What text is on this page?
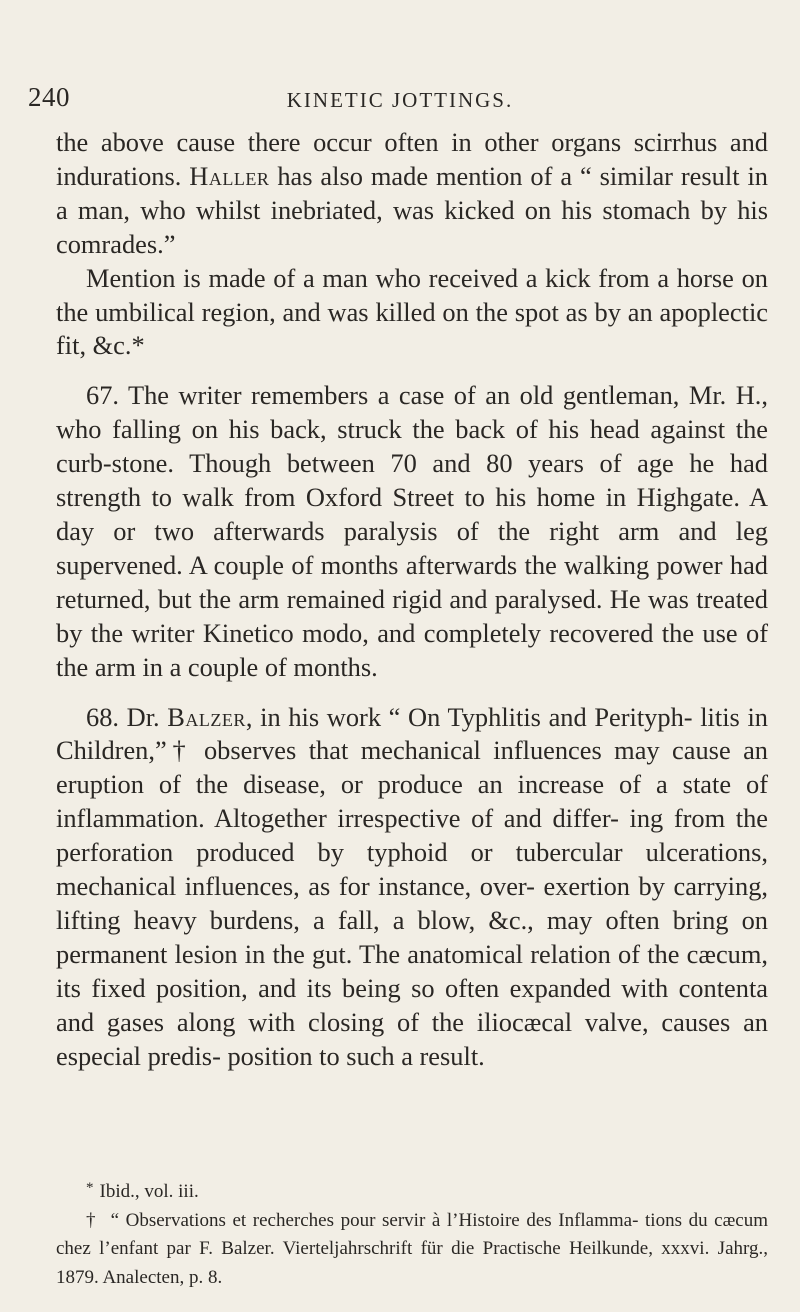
240	KINETIC JOTTINGS.

the above cause there occur often in other organs scirrhus and indurations. Haller has also made mention of a “ similar result in a man, who whilst inebriated, was kicked on his stomach by his comrades.”

Mention is made of a man who received a kick from a horse on the umbilical region, and was killed on the spot as by an apoplectic fit, &c.*

67. The writer remembers a case of an old gentleman, Mr. H., who falling on his back, struck the back of his head against the curb-stone. Though between 70 and 80 years of age he had strength to walk from Oxford Street to his home in Highgate. A day or two afterwards paralysis of the right arm and leg supervened. A couple of months afterwards the walking power had returned, but the arm remained rigid and paralysed. He was treated by the writer Kinetico modo, and completely recovered the use of the arm in a couple of months.

68. Dr. Balzer, in his work “ On Typhlitis and Perityph- litis in Children,”† observes that mechanical influences may cause an eruption of the disease, or produce an increase of a state of inflammation. Altogether irrespective of and differ- ing from the perforation produced by typhoid or tubercular ulcerations, mechanical influences, as for instance, over- exertion by carrying, lifting heavy burdens, a fall, a blow, &c., may often bring on permanent lesion in the gut. The anatomical relation of the cæcum, its fixed position, and its being so often expanded with contenta and gases along with closing of the iliocæcal valve, causes an especial predis- position to such a result.

* Ibid., vol. iii.

† “ Observations et recherches pour servir à l’Histoire des Inflamma- tions du cæcum chez l’enfant par F. Balzer. Vierteljahrschrift für die Practische Heilkunde, xxxvi. Jahrg., 1879. Analecten, p. 8.
